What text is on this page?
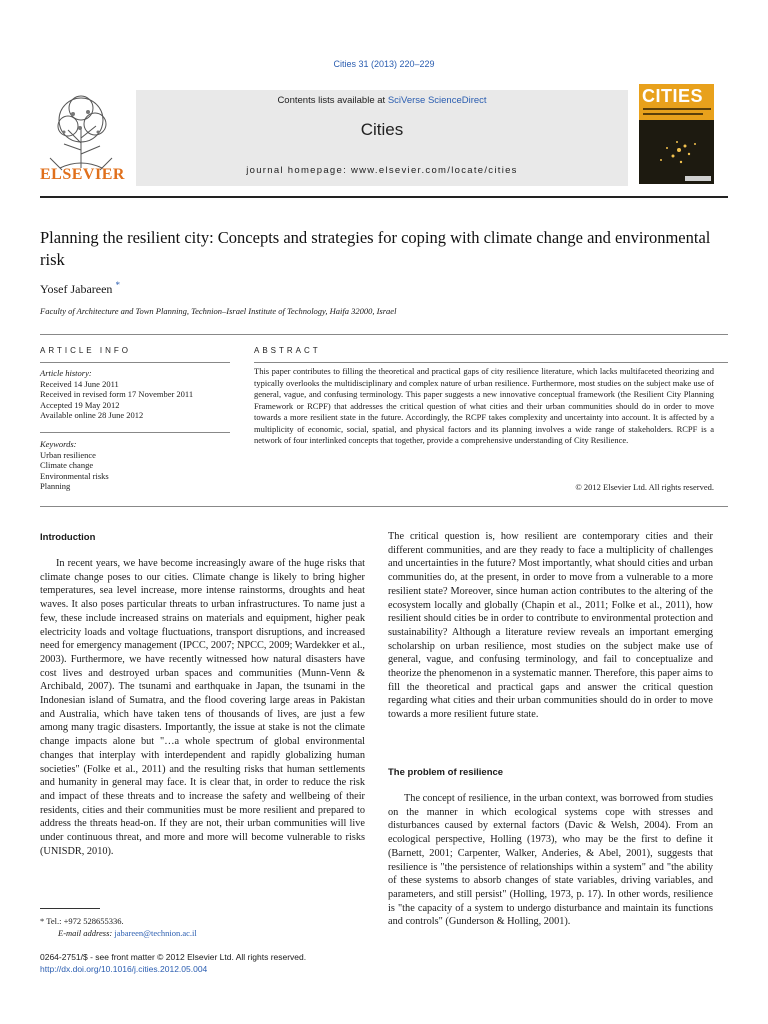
Cities 31 (2013) 220–229
ELSEVIER
Contents lists available at SciVerse ScienceDirect
Cities
journal homepage: www.elsevier.com/locate/cities
CITIES
Planning the resilient city: Concepts and strategies for coping with climate change and environmental risk
Yosef Jabareen *
Faculty of Architecture and Town Planning, Technion–Israel Institute of Technology, Haifa 32000, Israel
ARTICLE INFO
Article history:
Received 14 June 2011
Received in revised form 17 November 2011
Accepted 19 May 2012
Available online 28 June 2012
Keywords:
Urban resilience
Climate change
Environmental risks
Planning
ABSTRACT
This paper contributes to filling the theoretical and practical gaps of city resilience literature, which lacks multifaceted theorizing and typically overlooks the multidisciplinary and complex nature of urban resilience. Furthermore, most studies on the subject make use of general, vague, and confusing terminology. This paper suggests a new innovative conceptual framework (the Resilient City Planning Framework or RCPF) that addresses the critical question of what cities and their urban communities should do in order to move towards a more resilient state in the future. Accordingly, the RCPF takes complexity and uncertainty into account. It is affected by a multiplicity of economic, social, spatial, and physical factors and its planning involves a wide range of stakeholders. RCPF is a network of four interlinked concepts that together, provide a comprehensive understanding of City Resilience.
© 2012 Elsevier Ltd. All rights reserved.
Introduction

In recent years, we have become increasingly aware of the huge risks that climate change poses to our cities. Climate change is likely to bring higher temperatures, sea level increase, more intense rainstorms, droughts and heat waves. It also poses particular threats to urban infrastructures. To name just a few, these include increased strains on materials and equipment, higher peak electricity loads and voltage fluctuations, transport disruptions, and increased need for emergency management (IPCC, 2007; NPCC, 2009; Wardekker et al., 2003). Furthermore, we have recently witnessed how natural disasters have cost lives and destroyed urban spaces and communities (Munn-Venn & Archibald, 2007). The tsunami and earthquake in Japan, the tsunami in the Indonesian island of Sumatra, and the flood covering large areas in Pakistan and Australia, which have taken tens of thousands of lives, are just a few among many tragic disasters. Importantly, the issue at stake is not the climate change impacts alone but "…a whole spectrum of global environmental changes that interplay with interdependent and rapidly globalizing human societies" (Folke et al., 2011) and the resulting risks that human settlements and humanity in general may face. It is clear that, in order to reduce the risk and impact of these threats and to increase the safety and wellbeing of their residents, cities and their communities must be more resilient and prepared to address the threats head-on. If they are not, their urban communities will live under continuous threat, and more and more will become vulnerable to risks (UNISDR, 2010).

The critical question is, how resilient are contemporary cities and their different communities, and are they ready to face a multiplicity of challenges and uncertainties in the future? Most importantly, what should cities and urban communities do, at the present, in order to move from a vulnerable to a more resilient state? Moreover, since human action contributes to the altering of the ecosystem locally and globally (Chapin et al., 2011; Folke et al., 2011), how resilient should cities be in order to contribute to environmental protection and sustainability? Although a literature review reveals an important emerging scholarship on urban resilience, most studies on the subject make use of general, vague, and confusing terminology, and fail to conceptualize and theorize the phenomenon in a systematic manner. Therefore, this paper aims to fill the theoretical and practical gaps and answer the critical question regarding what cities and their urban communities should do in order to move towards a more resilient future state.

The problem of resilience

The concept of resilience, in the urban context, was borrowed from studies on the manner in which ecological systems cope with stresses and disturbances caused by external factors (Davic & Welsh, 2004). From an ecological perspective, Holling (1973), who may be the first to define it (Barnett, 2001; Carpenter, Walker, Anderies, & Abel, 2001), suggests that resilience is "the persistence of relationships within a system" and "the ability of these systems to absorb changes of state variables, driving variables, and parameters, and still persist" (Holling, 1973, p. 17). In other words, resilience is "the capacity of a system to undergo disturbance and maintain its functions and controls" (Gunderson & Holling, 2001).

* Tel.: +972 528655336.
E-mail address: jabareen@technion.ac.il
0264-2751/$ - see front matter © 2012 Elsevier Ltd. All rights reserved.
http://dx.doi.org/10.1016/j.cities.2012.05.004
